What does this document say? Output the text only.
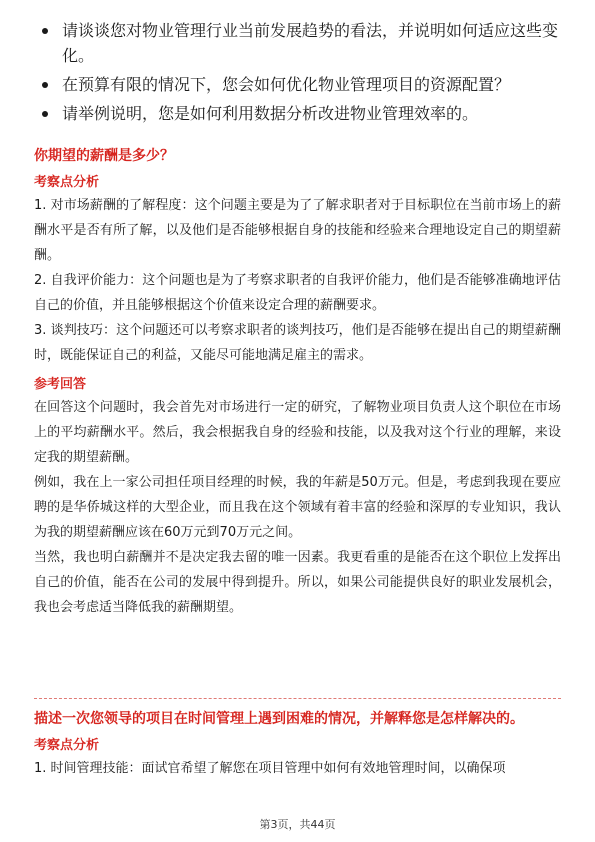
请谈谈您对物业管理行业当前发展趋势的看法，并说明如何适应这些变化。
在预算有限的情况下，您会如何优化物业管理项目的资源配置？
请举例说明，您是如何利用数据分析改进物业管理效率的。
你期望的薪酬是多少？
考察点分析
1. 对市场薪酬的了解程度：这个问题主要是为了了解求职者对于目标职位在当前市场上的薪酬水平是否有所了解，以及他们是否能够根据自身的技能和经验来合理地设定自己的期望薪酬。
2. 自我评价能力：这个问题也是为了考察求职者的自我评价能力，他们是否能够准确地评估自己的价值，并且能够根据这个价值来设定合理的薪酬要求。
3. 谈判技巧：这个问题还可以考察求职者的谈判技巧，他们是否能够在提出自己的期望薪酬时，既能保证自己的利益，又能尽可能地满足雇主的需求。
参考回答
在回答这个问题时，我会首先对市场进行一定的研究，了解物业项目负责人这个职位在市场上的平均薪酬水平。然后，我会根据我自身的经验和技能，以及我对这个行业的理解，来设定我的期望薪酬。
例如，我在上一家公司担任项目经理的时候，我的年薪是50万元。但是，考虑到我现在要应聘的是华侨城这样的大型企业，而且我在这个领域有着丰富的经验和深厚的专业知识，我认为我的期望薪酬应该在60万元到70万元之间。
当然，我也明白薪酬并不是决定我去留的唯一因素。我更看重的是能否在这个职位上发挥出自己的价值，能否在公司的发展中得到提升。所以，如果公司能提供良好的职业发展机会，我也会考虑适当降低我的薪酬期望。
描述一次您领导的项目在时间管理上遇到困难的情况，并解释您是怎样解决的。
考察点分析
1. 时间管理技能：面试官希望了解您在项目管理中如何有效地管理时间，以确保项
第3页，共44页
